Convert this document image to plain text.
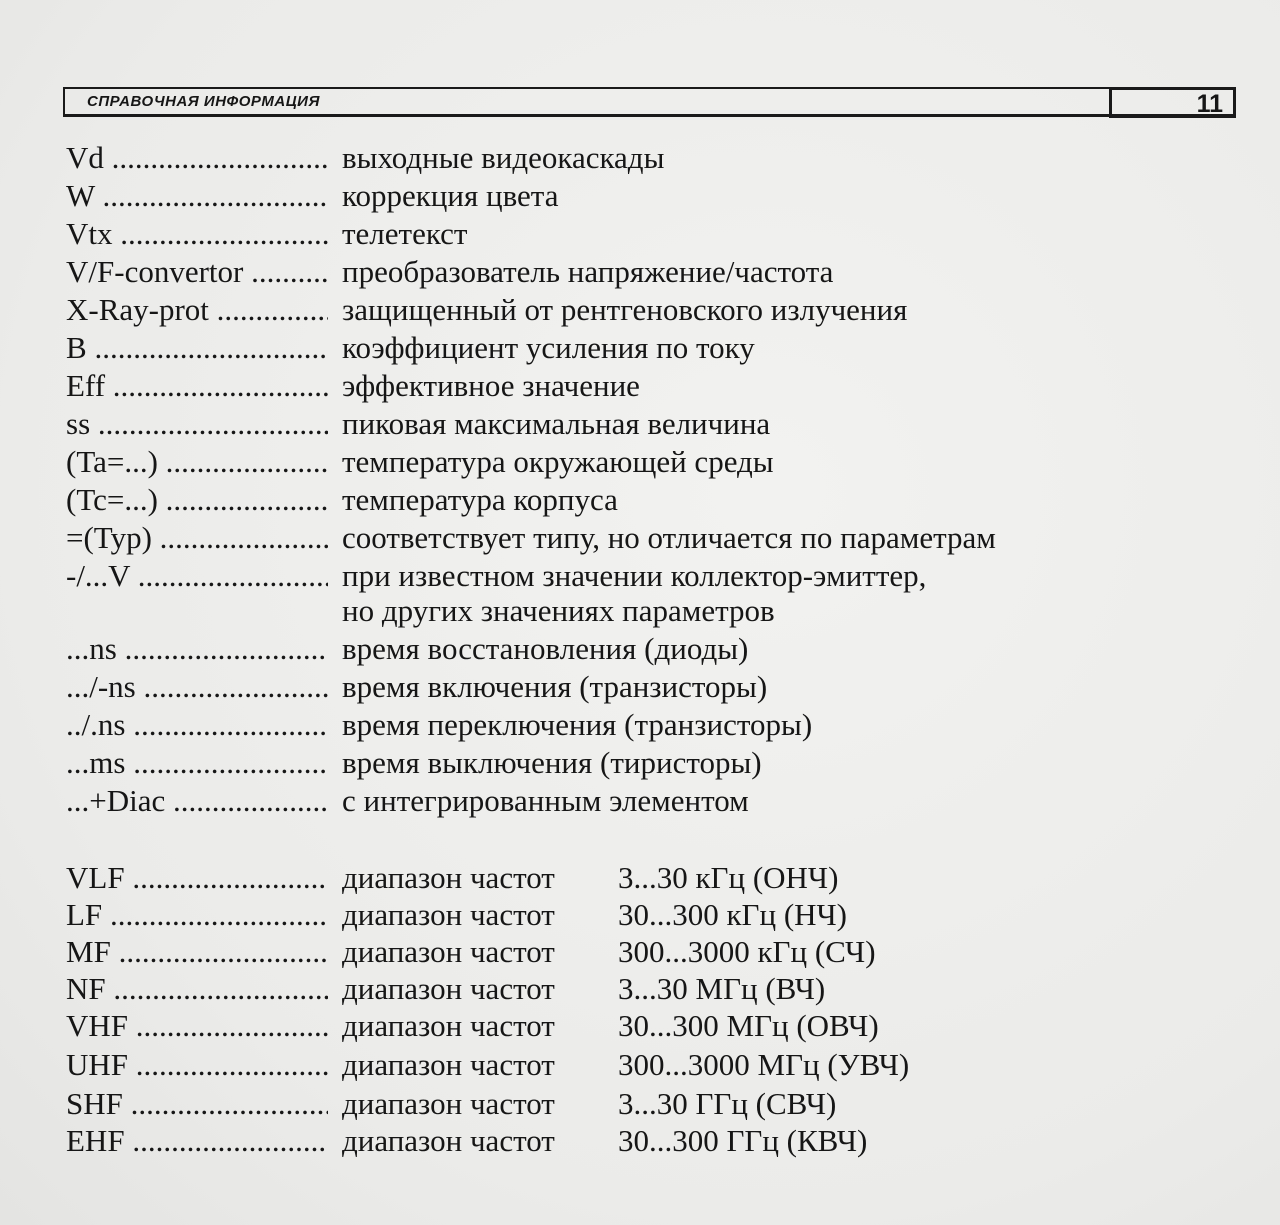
СПРАВОЧНАЯ ИНФОРМАЦИЯ	11
Vd .....	выходные видеокаскады
W .....	коррекция цвета
Vtx .....	телетекст
V/F-convertor .....	преобразователь напряжение/частота
X-Ray-prot .....	защищенный от рентгеновского излучения
B .....	коэффициент усиления по току
Eff .....	эффективное значение
ss .....	пиковая максимальная величина
(Ta=...) .....	температура окружающей среды
(Tc=...) .....	температура корпуса
=(Typ) .....	соответствует типу, но отличается по параметрам
-/...V .....	при известном значении коллектор-эмиттер,
но других значениях параметров
...ns .....	время восстановления (диоды)
.../-ns .....	время включения (транзисторы)
../.ns .....	время переключения (транзисторы)
...ms .....	время выключения (тиристоры)
...+Diac .....	с интегрированным элементом
VLF .....	диапазон частот 3...30 кГц (ОНЧ)
LF .....	диапазон частот 30...300 кГц (НЧ)
MF .....	диапазон частот 300...3000 кГц (СЧ)
NF .....	диапазон частот 3...30 МГц (ВЧ)
VHF .....	диапазон частот 30...300 МГц (ОВЧ)
UHF .....	диапазон частот 300...3000 МГц (УВЧ)
SHF .....	диапазон частот 3...30 ГГц (СВЧ)
EHF .....	диапазон частот 30...300 ГГц (КВЧ)
